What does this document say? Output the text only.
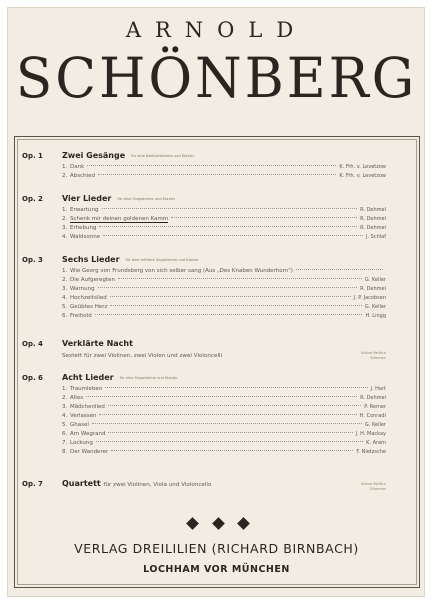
ARNOLD
SCHÖNBERG
Op. 1 Zwei Gesänge für eine Baritonstimme und Klavier
1. Dank	K. Frh. v. Levetzow
2. Abschied	K. Frh. v. Levetzow
Op. 2 Vier Lieder für eine Singstimme und Klavier
1. Erwartung	R. Dehmel
2. Schenk mir deinen goldenen Kamm	R. Dehmel
3. Erhebung	R. Dehmel
4. Waldsonne	J. Schlaf
Op. 3 Sechs Lieder für eine mittlere Singstimme und Klavier
1. Wie Georg von Frundsberg von sich selber sang (Aus „Des Knaben Wunderhorn")
2. Die Aufgeregten	G. Keller
3. Warnung	R. Dehmel
4. Hochzeitslied	J. P. Jacobsen
5. Geübtes Herz	G. Keller
6. Freihold	H. Lingg
Op. 4 Verklärte Nacht
Sextett für zwei Violinen, zwei Violen und zwei Violoncelli	Kleine Partitur
Stimmen
Op. 6 Acht Lieder für eine Singstimme und Klavier
1. Traumleben	J. Hart
2. Alles	R. Dehmel
3. Mädchenlied	P. Remer
4. Verlassen	H. Conradi
5. Ghasel	G. Keller
6. Am Wegrand	J. H. Mackay
7. Lockung	K. Aram
8. Der Wanderer	F. Nietzsche
Op. 7 Quartett für zwei Violinen, Viola und Violoncello	Kleine Partitur
Stimmen
VERLAG DREILILIEN (RICHARD BIRNBACH)
LOCHHAM VOR MÜNCHEN
